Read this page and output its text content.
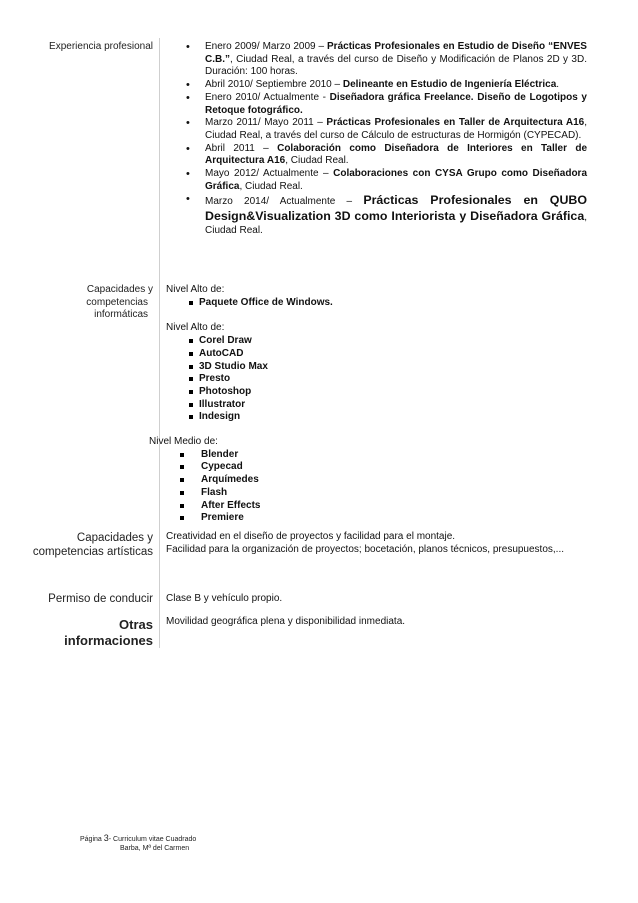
Experiencia profesional
•	Enero 2009/ Marzo 2009 – Prácticas Profesionales en Estudio de Diseño “ENVES C.B.”, Ciudad Real, a través del curso de Diseño y Modificación de Planos 2D y 3D. Duración: 100 horas.
• Abril 2010/ Septiembre 2010 – Delineante en Estudio de Ingeniería Eléctrica.
• Enero 2010/ Actualmente - Diseñadora gráfica Freelance. Diseño de Logotipos y Retoque fotográfico.
• Marzo 2011/ Mayo 2011 – Prácticas Profesionales en Taller de Arquitectura A16, Ciudad Real, a través del curso de Cálculo de estructuras de Hormigón (CYPECAD).
• Abril 2011 – Colaboración como Diseñadora de Interiores en Taller de Arquitectura A16, Ciudad Real.
• Mayo 2012/ Actualmente – Colaboraciones con CYSA Grupo como Diseñadora Gráfica, Ciudad Real.
• Marzo 2014/ Actualmente – Prácticas Profesionales en QUBO Design&Visualization 3D como Interiorista y Diseñadora Gráfica, Ciudad Real.
Capacidades y
competencias
informáticas
Nivel Alto de:
Paquete Office de Windows.
Nivel Alto de:
Corel Draw
AutoCAD
3D Studio Max
Presto
Photoshop
Illustrator
Indesign
Nivel Medio de:
Blender
Cypecad
Arquímedes
Flash
After Effects
Premiere
Capacidades y
competencias artísticas
Creatividad en el diseño de proyectos y facilidad para el montaje.
Facilidad para la organización de proyectos; bocetación, planos técnicos, presupuestos,...
Permiso de conducir Clase B y vehículo propio.
Otras
informaciones
Movilidad geográfica plena y disponibilidad inmediata.
Página 3- Curriculum vitae Cuadrado
Barba, Mª del Carmen
